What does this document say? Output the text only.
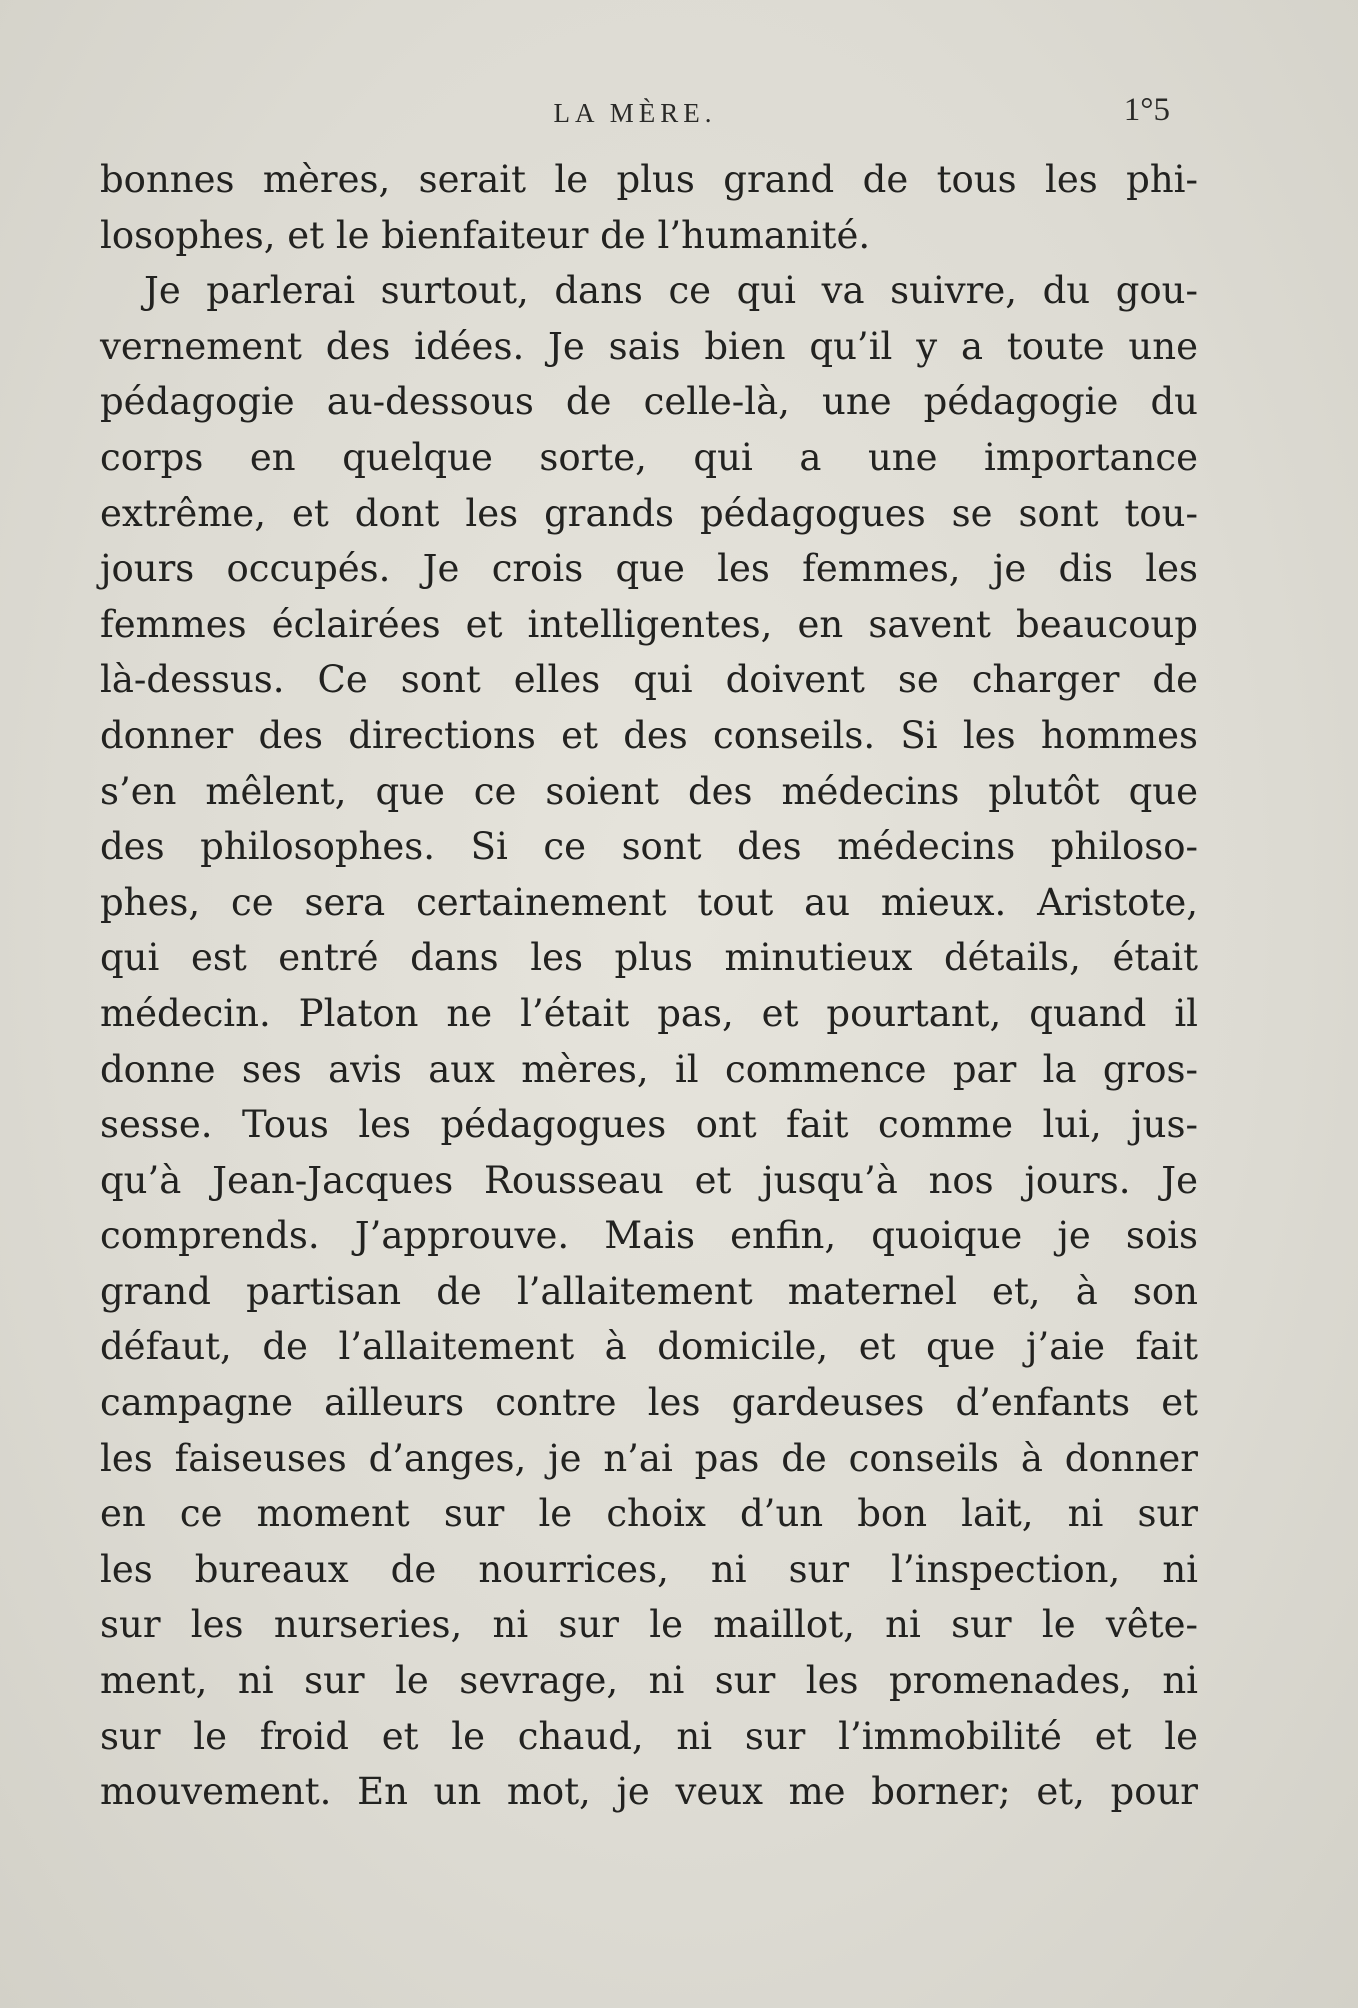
LA MÈRE.	1°5
bonnes mères, serait le plus grand de tous les phi-
losophes, et le bienfaiteur de l’humanité.
Je parlerai surtout, dans ce qui va suivre, du gou-
vernement des idées. Je sais bien qu’il y a toute une
pédagogie au-dessous de celle-là, une pédagogie du
corps en quelque sorte, qui a une importance
extrême, et dont les grands pédagogues se sont tou-
jours occupés. Je crois que les femmes, je dis les
femmes éclairées et intelligentes, en savent beaucoup
là-dessus. Ce sont elles qui doivent se charger de
donner des directions et des conseils. Si les hommes
s’en mêlent, que ce soient des médecins plutôt que
des philosophes. Si ce sont des médecins philoso-
phes, ce sera certainement tout au mieux. Aristote,
qui est entré dans les plus minutieux détails, était
médecin. Platon ne l’était pas, et pourtant, quand il
donne ses avis aux mères, il commence par la gros-
sesse. Tous les pédagogues ont fait comme lui, jus-
qu’à Jean-Jacques Rousseau et jusqu’à nos jours. Je
comprends. J’approuve. Mais enfin, quoique je sois
grand partisan de l’allaitement maternel et, à son
défaut, de l’allaitement à domicile, et que j’aie fait
campagne ailleurs contre les gardeuses d’enfants et
les faiseuses d’anges, je n’ai pas de conseils à donner
en ce moment sur le choix d’un bon lait, ni sur
les bureaux de nourrices, ni sur l’inspection, ni
sur les nurseries, ni sur le maillot, ni sur le vête-
ment, ni sur le sevrage, ni sur les promenades, ni
sur le froid et le chaud, ni sur l’immobilité et le
mouvement. En un mot, je veux me borner; et, pour
